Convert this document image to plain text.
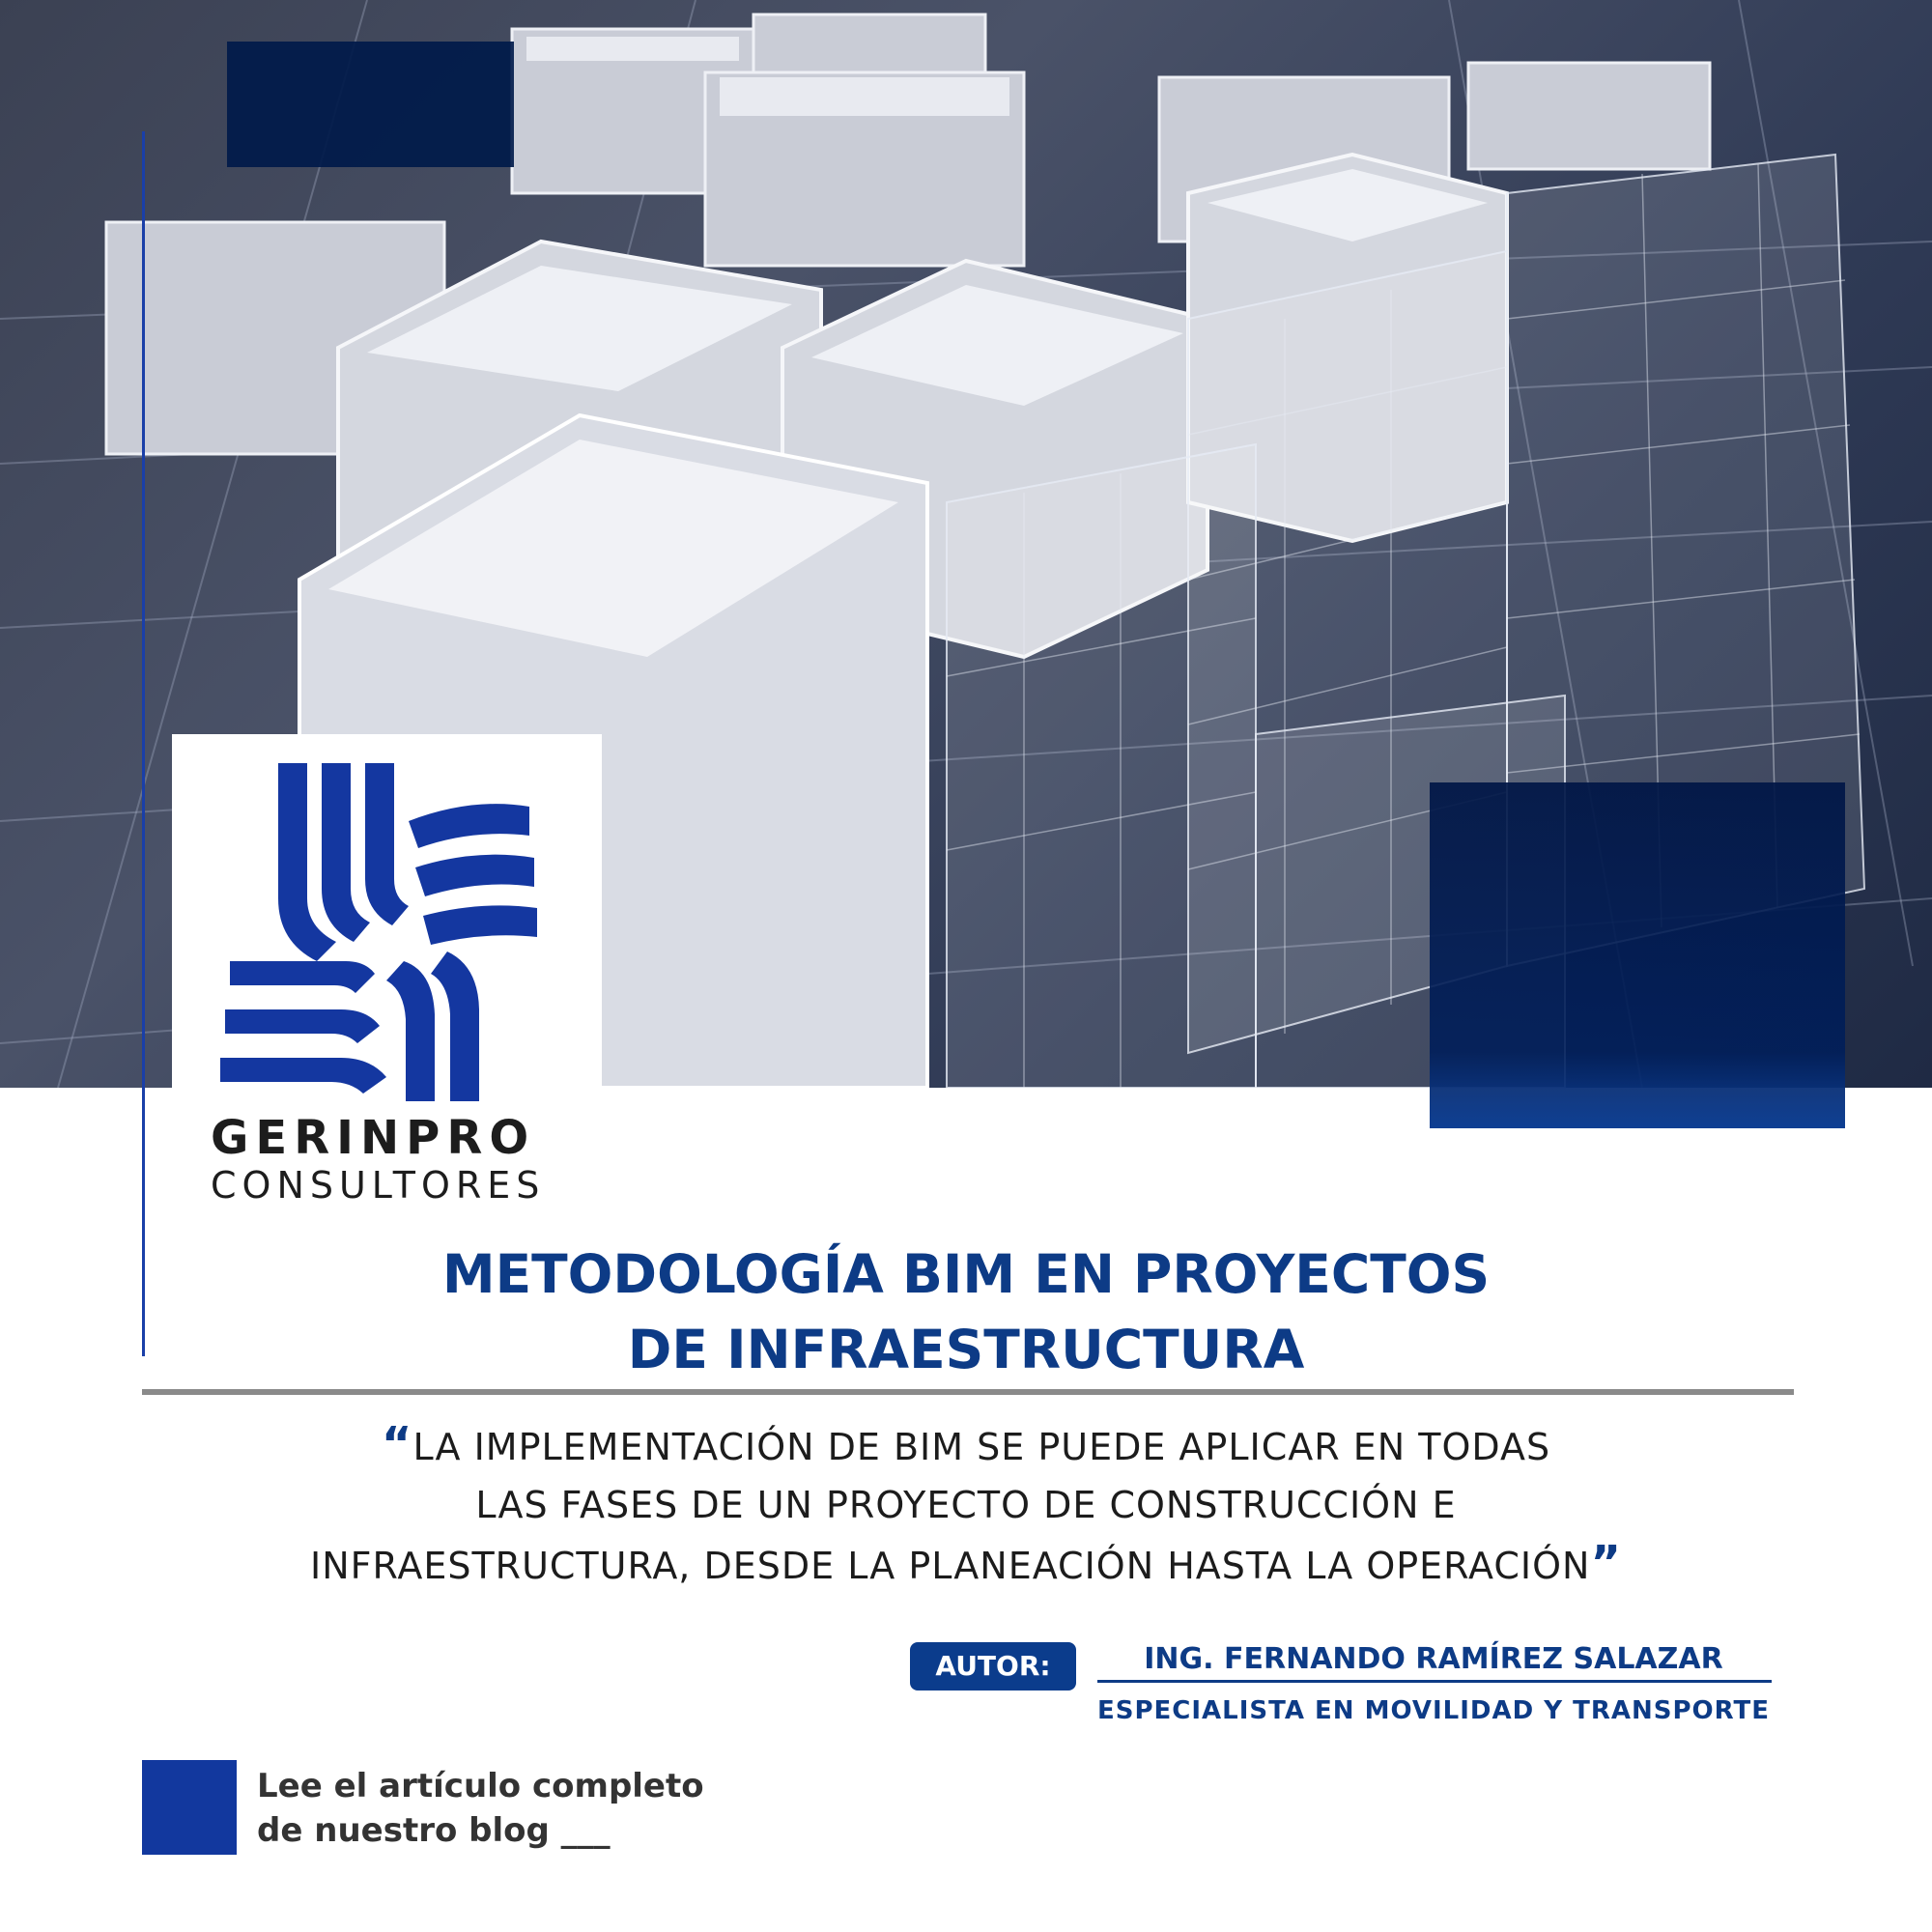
GERINPRO
CONSULTORES
METODOLOGÍA BIM EN PROYECTOS
DE INFRAESTRUCTURA
“LA IMPLEMENTACIÓN DE BIM SE PUEDE APLICAR EN TODAS
LAS FASES DE UN PROYECTO DE CONSTRUCCIÓN E
INFRAESTRUCTURA, DESDE LA PLANEACIÓN HASTA LA OPERACIÓN”
AUTOR:	ING. FERNANDO RAMÍREZ SALAZAR
ESPECIALISTA EN MOVILIDAD Y TRANSPORTE
Lee el artículo completo
de nuestro blog ___
